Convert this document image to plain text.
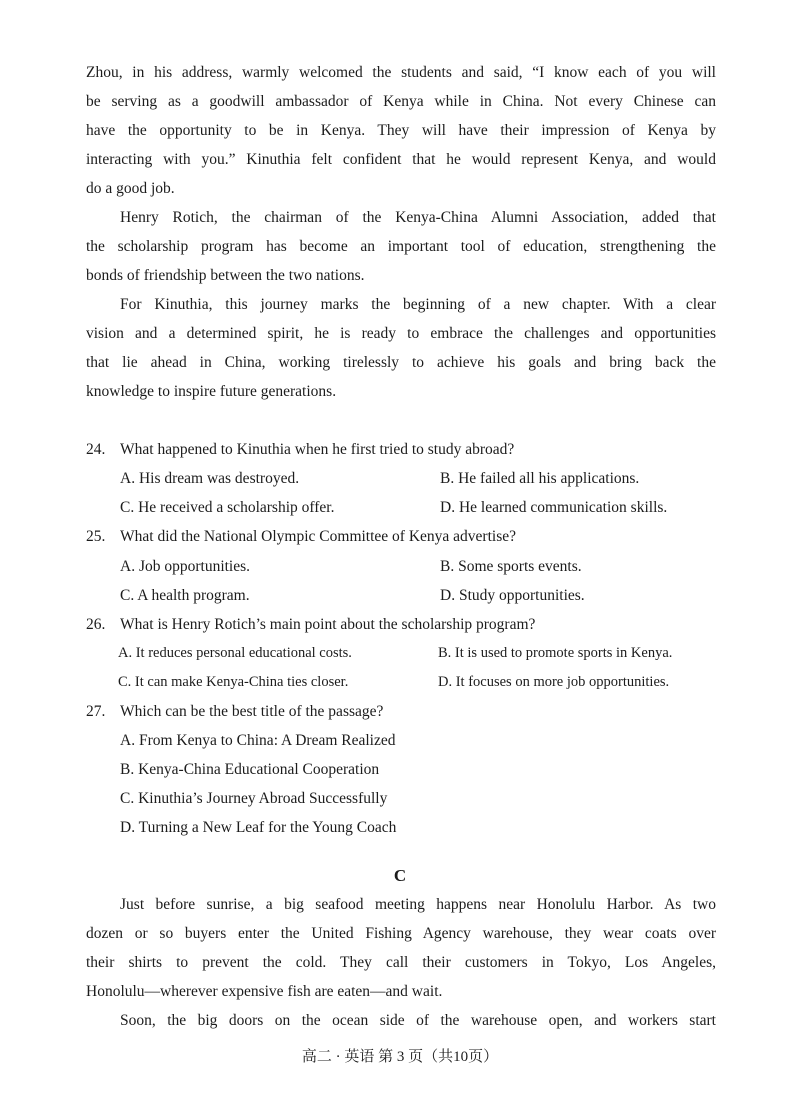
Zhou, in his address, warmly welcomed the students and said, “I know each of you will
be serving as a goodwill ambassador of Kenya while in China. Not every Chinese can
have the opportunity to be in Kenya. They will have their impression of Kenya by
interacting with you.” Kinuthia felt confident that he would represent Kenya, and would
do a good job.
Henry Rotich, the chairman of the Kenya-China Alumni Association, added that
the scholarship program has become an important tool of education, strengthening the
bonds of friendship between the two nations.
For Kinuthia, this journey marks the beginning of a new chapter. With a clear
vision and a determined spirit, he is ready to embrace the challenges and opportunities
that lie ahead in China, working tirelessly to achieve his goals and bring back the
knowledge to inspire future generations.
24. What happened to Kinuthia when he first tried to study abroad?
A. His dream was destroyed.	B. He failed all his applications.
C. He received a scholarship offer.	D. He learned communication skills.
25. What did the National Olympic Committee of Kenya advertise?
A. Job opportunities.	B. Some sports events.
C. A health program.	D. Study opportunities.
26. What is Henry Rotich’s main point about the scholarship program?
A. It reduces personal educational costs.	B. It is used to promote sports in Kenya.
C. It can make Kenya-China ties closer.	D. It focuses on more job opportunities.
27. Which can be the best title of the passage?
A. From Kenya to China: A Dream Realized
B. Kenya-China Educational Cooperation
C. Kinuthia’s Journey Abroad Successfully
D. Turning a New Leaf for the Young Coach
C
Just before sunrise, a big seafood meeting happens near Honolulu Harbor. As two
dozen or so buyers enter the United Fishing Agency warehouse, they wear coats over
their shirts to prevent the cold. They call their customers in Tokyo, Los Angeles,
Honolulu—wherever expensive fish are eaten—and wait.
Soon, the big doors on the ocean side of the warehouse open, and workers start
高二 · 英语 第 3 页（共10页）
